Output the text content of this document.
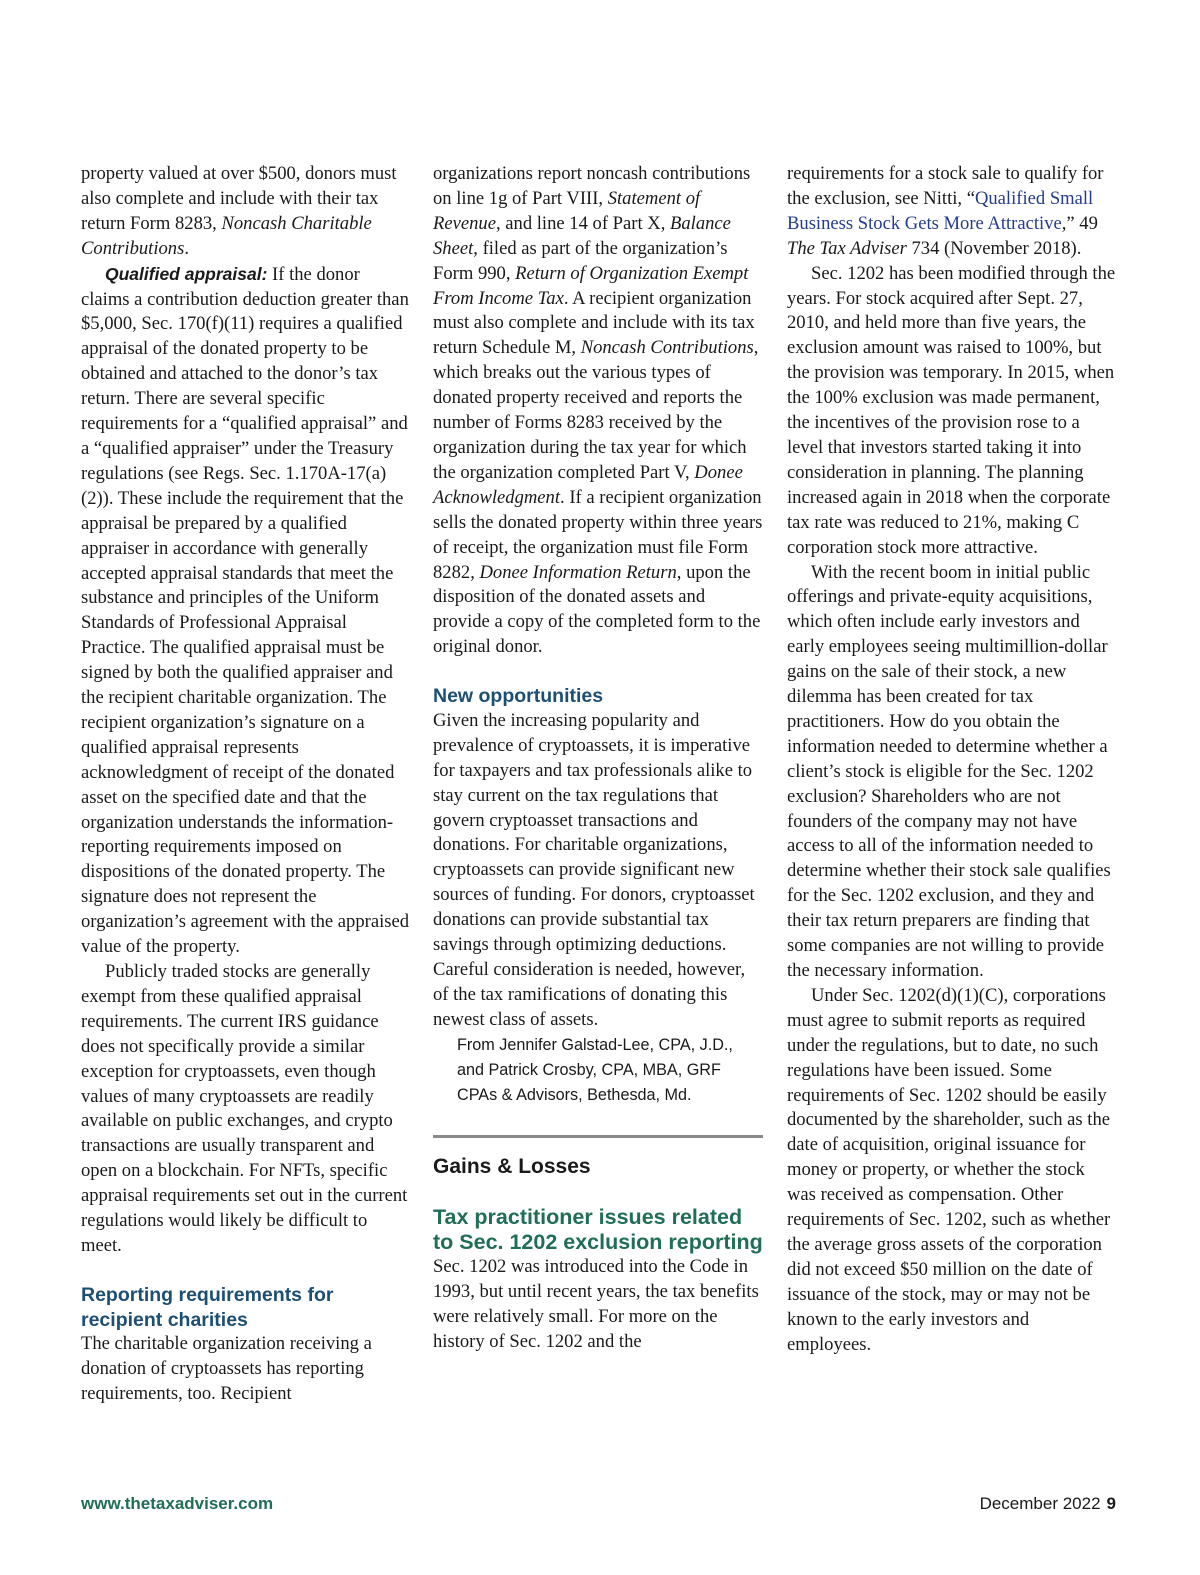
property valued at over $500, donors must also complete and include with their tax return Form 8283, Noncash Charitable Contributions.

Qualified appraisal: If the donor claims a contribution deduction greater than $5,000, Sec. 170(f)(11) requires a qualified appraisal of the donated property to be obtained and attached to the donor’s tax return. There are several specific requirements for a “qualified appraisal” and a “qualified appraiser” under the Treasury regulations (see Regs. Sec. 1.170A-17(a)(2)). These include the requirement that the appraisal be prepared by a qualified appraiser in accordance with generally accepted appraisal standards that meet the substance and principles of the Uniform Standards of Professional Appraisal Practice. The qualified appraisal must be signed by both the qualified appraiser and the recipient charitable organization. The recipient organization’s signature on a qualified appraisal represents acknowledgment of receipt of the donated asset on the specified date and that the organization understands the information-reporting requirements imposed on dispositions of the donated property. The signature does not represent the organization’s agreement with the appraised value of the property.

Publicly traded stocks are generally exempt from these qualified appraisal requirements. The current IRS guidance does not specifically provide a similar exception for cryptoassets, even though values of many cryptoassets are readily available on public exchanges, and crypto transactions are usually transparent and open on a blockchain. For NFTs, specific appraisal requirements set out in the current regulations would likely be difficult to meet.

Reporting requirements for recipient charities

The charitable organization receiving a donation of cryptoassets has reporting requirements, too. Recipient

organizations report noncash contributions on line 1g of Part VIII, Statement of Revenue, and line 14 of Part X, Balance Sheet, filed as part of the organization’s Form 990, Return of Organization Exempt From Income Tax. A recipient organization must also complete and include with its tax return Schedule M, Noncash Contributions, which breaks out the various types of donated property received and reports the number of Forms 8283 received by the organization during the tax year for which the organization completed Part V, Donee Acknowledgment. If a recipient organization sells the donated property within three years of receipt, the organization must file Form 8282, Donee Information Return, upon the disposition of the donated assets and provide a copy of the completed form to the original donor.

New opportunities

Given the increasing popularity and prevalence of cryptoassets, it is imperative for taxpayers and tax professionals alike to stay current on the tax regulations that govern cryptoasset transactions and donations. For charitable organizations, cryptoassets can provide significant new sources of funding. For donors, cryptoasset donations can provide substantial tax savings through optimizing deductions. Careful consideration is needed, however, of the tax ramifications of donating this newest class of assets.

From Jennifer Galstad-Lee, CPA, J.D., and Patrick Crosby, CPA, MBA, GRF CPAs & Advisors, Bethesda, Md.

Gains & Losses
Tax practitioner issues related to Sec. 1202 exclusion reporting

Sec. 1202 was introduced into the Code in 1993, but until recent years, the tax benefits were relatively small. For more on the history of Sec. 1202 and the

requirements for a stock sale to qualify for the exclusion, see Nitti, “Qualified Small Business Stock Gets More Attractive,” 49 The Tax Adviser 734 (November 2018).

Sec. 1202 has been modified through the years. For stock acquired after Sept. 27, 2010, and held more than five years, the exclusion amount was raised to 100%, but the provision was temporary. In 2015, when the 100% exclusion was made permanent, the incentives of the provision rose to a level that investors started taking it into consideration in planning. The planning increased again in 2018 when the corporate tax rate was reduced to 21%, making C corporation stock more attractive.

With the recent boom in initial public offerings and private-equity acquisitions, which often include early investors and early employees seeing multimillion-dollar gains on the sale of their stock, a new dilemma has been created for tax practitioners. How do you obtain the information needed to determine whether a client’s stock is eligible for the Sec. 1202 exclusion? Shareholders who are not founders of the company may not have access to all of the information needed to determine whether their stock sale qualifies for the Sec. 1202 exclusion, and they and their tax return preparers are finding that some companies are not willing to provide the necessary information.

Under Sec. 1202(d)(1)(C), corporations must agree to submit reports as required under the regulations, but to date, no such regulations have been issued. Some requirements of Sec. 1202 should be easily documented by the shareholder, such as the date of acquisition, original issuance for money or property, or whether the stock was received as compensation. Other requirements of Sec. 1202, such as whether the average gross assets of the corporation did not exceed $50 million on the date of issuance of the stock, may or may not be known to the early investors and employees.

www.thetaxadviser.com	December 2022 9
